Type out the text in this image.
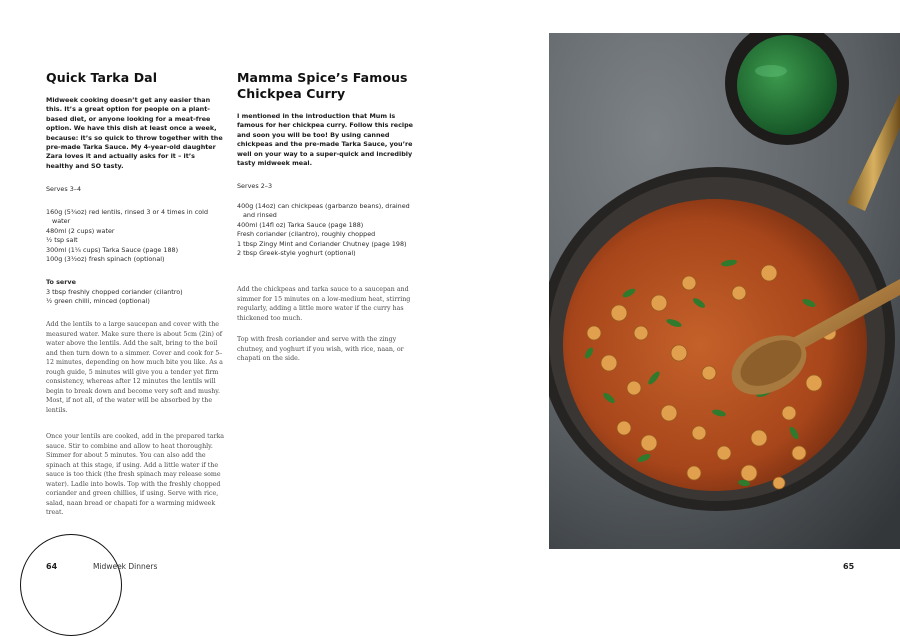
Quick Tarka Dal

Midweek cooking doesn’t get any easier than this. It’s a great option for people on a plant-based diet, or anyone looking for a meat-free option. We have this dish at least once a week, because: it’s so quick to throw together with the pre-made Tarka Sauce. My 4-year-old daughter Zara loves it and actually asks for it – it’s healthy and SO tasty.

Serves 3–4

160g (5¾oz) red lentils, rinsed 3 or 4 times in cold water
480ml (2 cups) water
½ tsp salt
300ml (1¼ cups) Tarka Sauce (page 188)
100g (3½oz) fresh spinach (optional)

To serve

3 tbsp freshly chopped coriander (cilantro)
½ green chilli, minced (optional)

Add the lentils to a large saucepan and cover with the measured water. Make sure there is about 5cm (2in) of water above the lentils. Add the salt, bring to the boil and then turn down to a simmer. Cover and cook for 5–12 minutes, depending on how much bite you like. As a rough guide, 5 minutes will give you a tender yet firm consistency, whereas after 12 minutes the lentils will begin to break down and become very soft and mushy. Most, if not all, of the water will be absorbed by the lentils.

Once your lentils are cooked, add in the prepared tarka sauce. Stir to combine and allow to heat thoroughly. Simmer for about 5 minutes. You can also add the spinach at this stage, if using. Add a little water if the sauce is too thick (the fresh spinach may release some water). Ladle into bowls. Top with the freshly chopped coriander and green chillies, if using. Serve with rice, salad, naan bread or chapati for a warming midweek treat.

Mamma Spice’s Famous Chickpea Curry

I mentioned in the introduction that Mum is famous for her chickpea curry. Follow this recipe and soon you will be too! By using canned chickpeas and the pre-made Tarka Sauce, you’re well on your way to a super-quick and incredibly tasty midweek meal.

Serves 2–3

400g (14oz) can chickpeas (garbanzo beans), drained and rinsed
400ml (14fl oz) Tarka Sauce (page 188)
Fresh coriander (cilantro), roughly chopped
1 tbsp Zingy Mint and Coriander Chutney (page 198)
2 tbsp Greek-style yoghurt (optional)

Add the chickpeas and tarka sauce to a saucepan and simmer for 15 minutes on a low-medium heat, stirring regularly, adding a little more water if the curry has thickened too much.

Top with fresh coriander and serve with the zingy chutney, and yoghurt if you wish, with rice, naan, or chapati on the side.

64	Midweek Dinners	65
